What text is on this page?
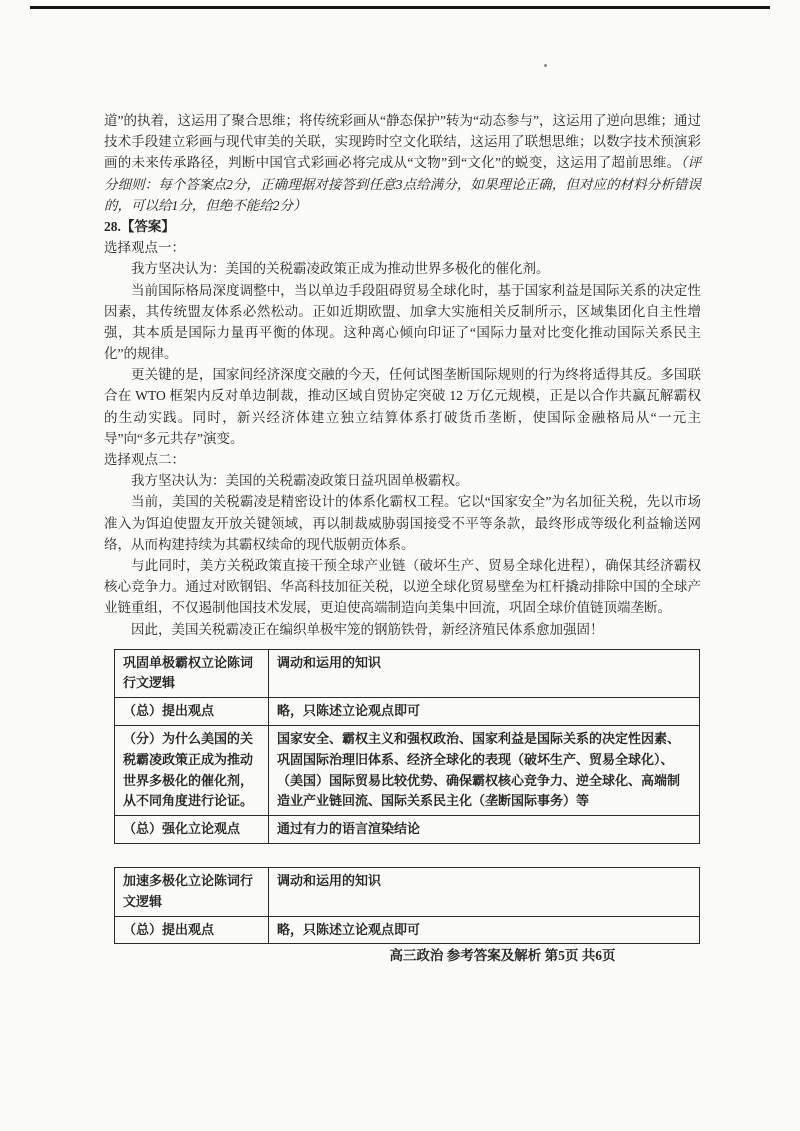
道”的执着，这运用了聚合思维；将传统彩画从“静态保护”转为“动态参与”，这运用了逆向思维；通过技术手段建立彩画与现代审美的关联，实现跨时空文化联结，这运用了联想思维；以数字技术预演彩画的未来传承路径，判断中国官式彩画必将完成从“文物”到“文化”的蜕变，这运用了超前思维。（评分细则：每个答案点2分，正确理据对接答到任意3点给满分，如果理论正确，但对应的材料分析错误的，可以给1分，但绝不能给2分）

28.【答案】

选择观点一：

我方坚决认为：美国的关税霸凌政策正成为推动世界多极化的催化剂。

当前国际格局深度调整中，当以单边手段阻碍贸易全球化时，基于国家利益是国际关系的决定性因素，其传统盟友体系必然松动。正如近期欧盟、加拿大实施相关反制所示，区域集团化自主性增强，其本质是国际力量再平衡的体现。这种离心倾向印证了“国际力量对比变化推动国际关系民主化”的规律。

更关键的是，国家间经济深度交融的今天，任何试图垄断国际规则的行为终将适得其反。多国联合在 WTO 框架内反对单边制裁，推动区域自贸协定突破 12 万亿元规模，正是以合作共赢瓦解霸权的生动实践。同时，新兴经济体建立独立结算体系打破货币垄断，使国际金融格局从“一元主导”向“多元共存”演变。

选择观点二：

我方坚决认为：美国的关税霸凌政策日益巩固单极霸权。

当前，美国的关税霸凌是精密设计的体系化霸权工程。它以“国家安全”为名加征关税，先以市场准入为饵迫使盟友开放关键领域，再以制裁威胁弱国接受不平等条款，最终形成等级化利益输送网络，从而构建持续为其霸权续命的现代版朝贡体系。

与此同时，美方关税政策直接干预全球产业链（破坏生产、贸易全球化进程），确保其经济霸权核心竞争力。通过对欧钢铝、华高科技加征关税，以逆全球化贸易壁垒为杠杆撬动排除中国的全球产业链重组，不仅遏制他国技术发展，更迫使高端制造向美集中回流，巩固全球价值链顶端垄断。

因此，美国关税霸凌正在编织单极牢笼的钢筋铁骨，新经济殖民体系愈加强固！

巩固单极霸权立论陈词行文逻辑	调动和运用的知识
（总）提出观点	略，只陈述立论观点即可
（分）为什么美国的关税霸凌政策正成为推动世界多极化的催化剂，从不同角度进行论证。	国家安全、霸权主义和强权政治、国家利益是国际关系的决定性因素、巩固国际治理旧体系、经济全球化的表现（破坏生产、贸易全球化）、（美国）国际贸易比较优势、确保霸权核心竞争力、逆全球化、高端制造业产业链回流、国际关系民主化（垄断国际事务）等
（总）强化立论观点	通过有力的语言渲染结论
加速多极化立论陈词行文逻辑	调动和运用的知识
（总）提出观点	略，只陈述立论观点即可
高三政治 参考答案及解析 第5页 共6页
